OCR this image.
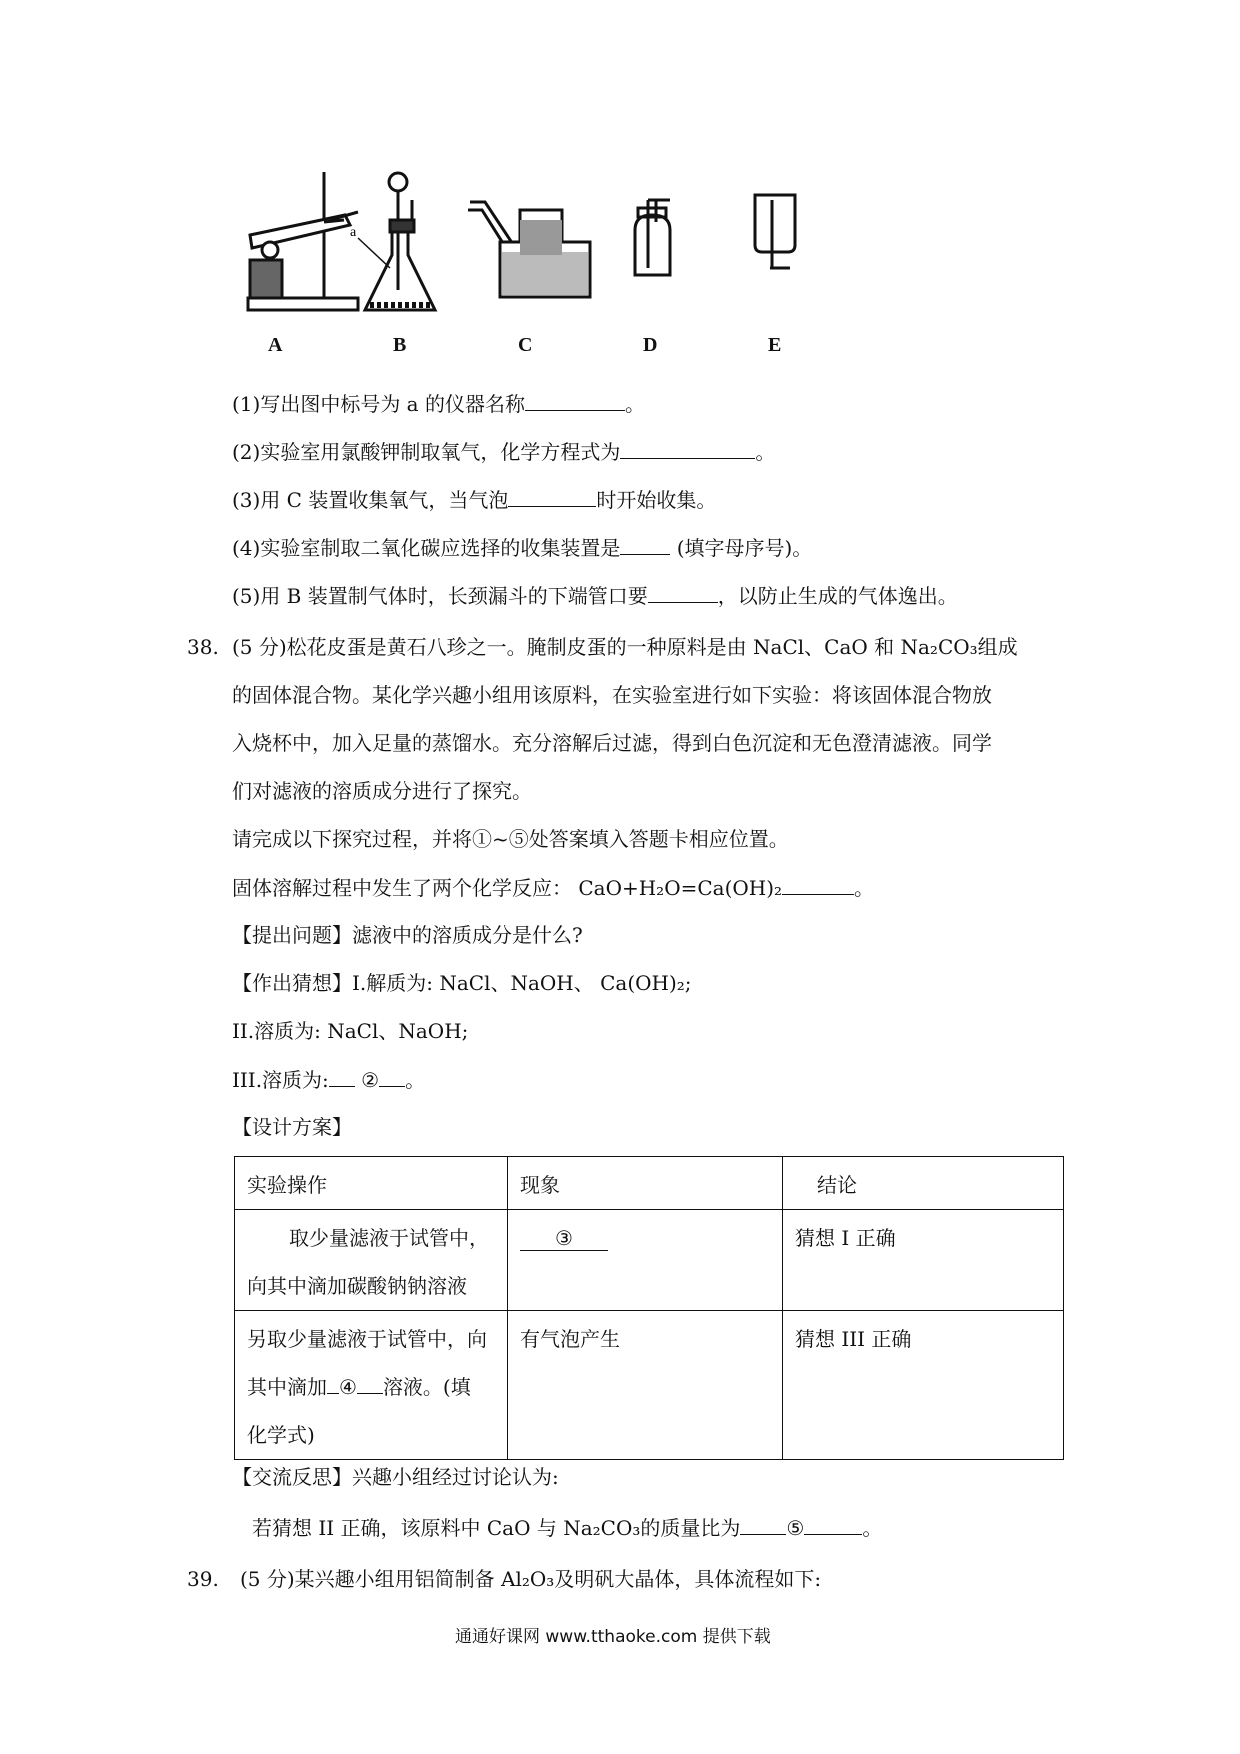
a
A	B	C	D	E
(1)写出图中标号为 a 的仪器名称	。
(2)实验室用氯酸钾制取氧气，化学方程式为	。
(3)用 C 装置收集氧气，当气泡	时开始收集。
(4)实验室制取二氧化碳应选择的收集装置是	(填字母序号)。
(5)用 B 装置制气体时，长颈漏斗的下端管口要	，以防止生成的气体逸出。
38. (5 分)松花皮蛋是黄石八珍之一。腌制皮蛋的一种原料是由 NaCl、CaO 和 Na₂CO₃组成
的固体混合物。某化学兴趣小组用该原料，在实验室进行如下实验：将该固体混合物放
入烧杯中，加入足量的蒸馏水。充分溶解后过滤，得到白色沉淀和无色澄清滤液。同学
们对滤液的溶质成分进行了探究。
请完成以下探究过程，并将①~⑤处答案填入答题卡相应位置。
固体溶解过程中发生了两个化学反应： CaO+H₂O=Ca(OH)₂	。
【提出问题】滤液中的溶质成分是什么?
【作出猜想】I.解质为: NaCl、NaOH、 Ca(OH)₂;
II.溶质为: NaCl、NaOH;
III.溶质为: ② 。
【设计方案】
实验操作	现象	结论

取少量滤液于试管中，
向其中滴加碳酸钠钠溶液	③	猜想 I 正确

另取少量滤液于试管中，向
其中滴加 ④ 溶液。(填
化学式)	有气泡产生	猜想 III 正确
【交流反思】兴趣小组经过讨论认为:
若猜想 II 正确，该原料中 CaO 与 Na₂CO₃的质量比为 ⑤	。
39. (5 分)某兴趣小组用铝简制备 Al₂O₃及明矾大晶体，具体流程如下:
通通好课网 www.tthaoke.com 提供下载
